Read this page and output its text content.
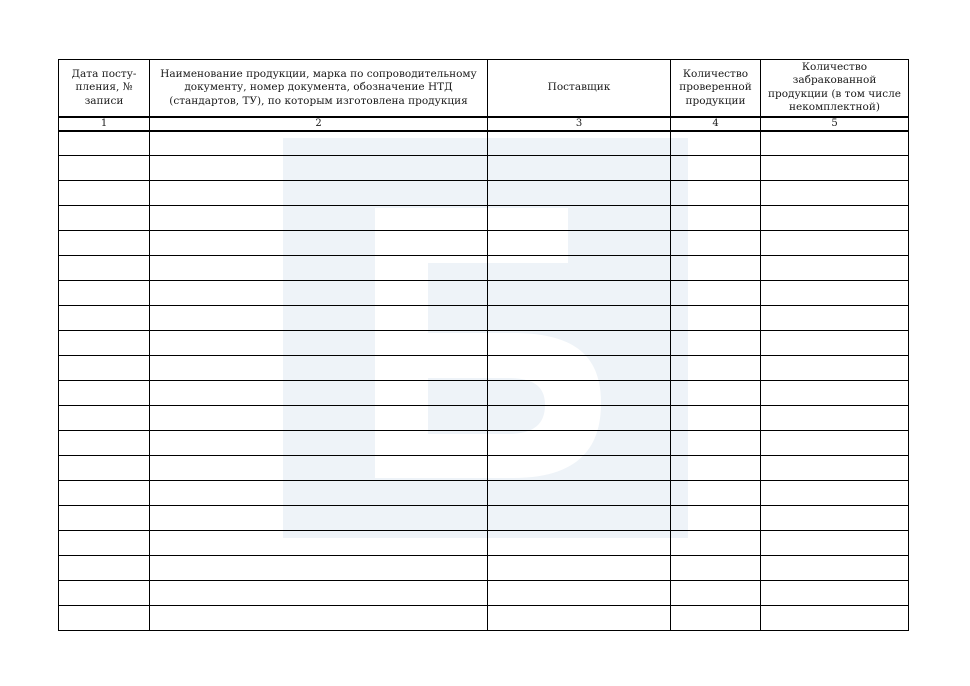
Дата посту-пления, № записи	Наименование продукции, марка по сопроводительному документу, номер документа, обозначение НТД (стандартов, ТУ), по которым изготовлена продукция	Поставщик	Количество проверенной продукции	Количество забракованной продукции (в том числе некомплектной)
1	2	3	4	5
